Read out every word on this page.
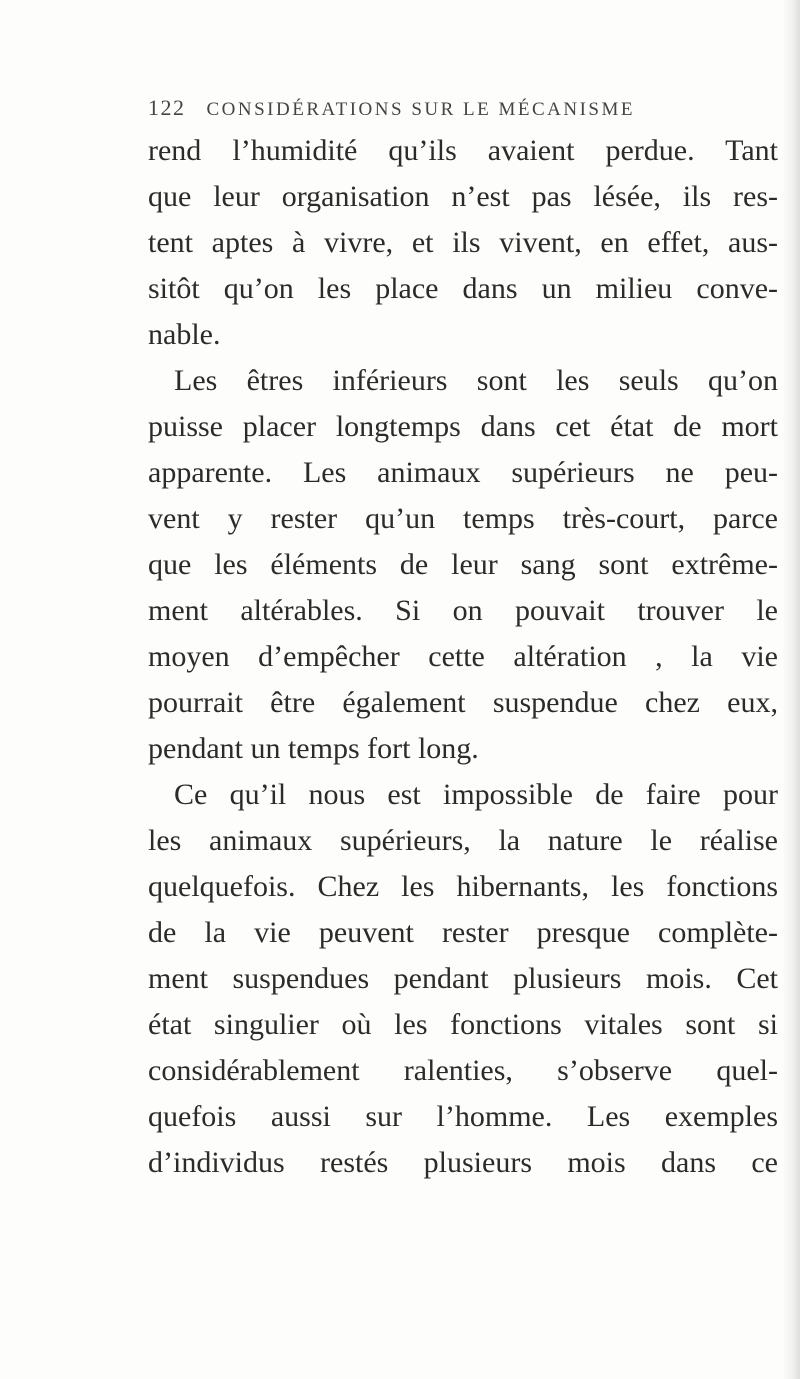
122 CONSIDÉRATIONS SUR LE MÉCANISME
rend l’humidité qu’ils avaient perdue. Tant
que leur organisation n’est pas lésée, ils res-
tent aptes à vivre, et ils vivent, en effet, aus-
sitôt qu’on les place dans un milieu conve-
nable.
Les êtres inférieurs sont les seuls qu’on
puisse placer longtemps dans cet état de mort
apparente. Les animaux supérieurs ne peu-
vent y rester qu’un temps très-court, parce
que les éléments de leur sang sont extrême-
ment altérables. Si on pouvait trouver le
moyen d’empêcher cette altération , la vie
pourrait être également suspendue chez eux,
pendant un temps fort long.
Ce qu’il nous est impossible de faire pour
les animaux supérieurs, la nature le réalise
quelquefois. Chez les hibernants, les fonctions
de la vie peuvent rester presque complète-
ment suspendues pendant plusieurs mois. Cet
état singulier où les fonctions vitales sont si
considérablement ralenties, s’observe quel-
quefois aussi sur l’homme. Les exemples
d’individus restés plusieurs mois dans ce
